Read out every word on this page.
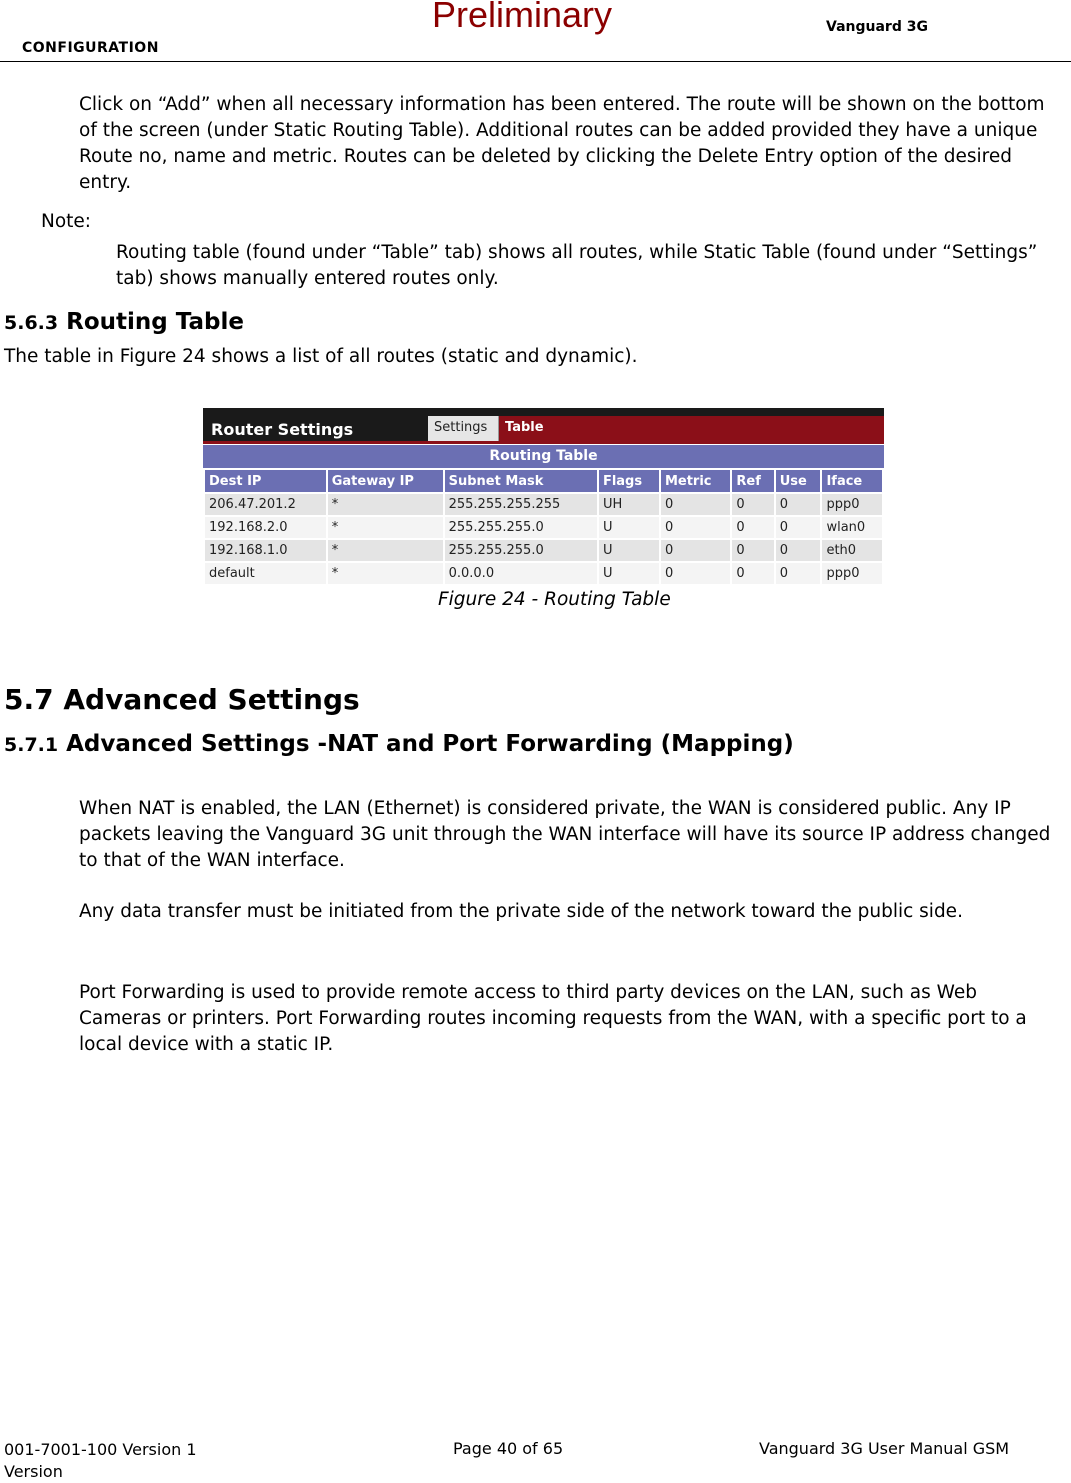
CONFIGURATION
Preliminary	Vanguard 3G
Click on “Add” when all necessary information has been entered. The route will be shown on the bottom of the screen (under Static Routing Table). Additional routes can be added provided they have a unique Route no, name and metric. Routes can be deleted by clicking the Delete Entry option of the desired entry.
Note:
Routing table (found under “Table” tab) shows all routes, while Static Table (found under “Settings” tab) shows manually entered routes only.
5.6.3 Routing Table
The table in Figure 24 shows a list of all routes (static and dynamic).
Router Settings	Settings	Table
Routing Table
Dest IP	Gateway IP	Subnet Mask	Flags	Metric	Ref	Use	Iface
206.47.201.2	*	255.255.255.255	UH	0	0	0	ppp0
192.168.2.0	*	255.255.255.0	U	0	0	0	wlan0
192.168.1.0	*	255.255.255.0	U	0	0	0	eth0
default	*	0.0.0.0	U	0	0	0	ppp0
Figure 24 - Routing Table
5.7 Advanced Settings
5.7.1 Advanced Settings -NAT and Port Forwarding (Mapping)
When NAT is enabled, the LAN (Ethernet) is considered private, the WAN is considered public. Any IP packets leaving the Vanguard 3G unit through the WAN interface will have its source IP address changed to that of the WAN interface.
Any data transfer must be initiated from the private side of the network toward the public side.
Port Forwarding is used to provide remote access to third party devices on the LAN, such as Web Cameras or printers. Port Forwarding routes incoming requests from the WAN, with a specific port to a local device with a static IP.
001-7001-100 Version 1 Version
Page 40 of 65	Vanguard 3G User Manual GSM
